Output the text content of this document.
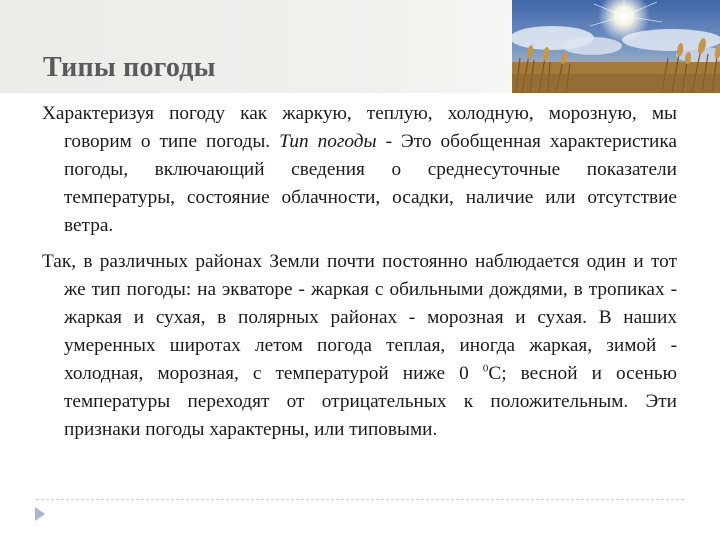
Типы погоды

Характеризуя погоду как жаркую, теплую, холодную, морозную, мы говорим о типе погоды. Тип погоды - Это обобщенная характеристика погоды, включающий сведения о среднесуточные показатели температуры, состояние облачности, осадки, наличие или отсутствие ветра.

Так, в различных районах Земли почти постоянно наблюдается один и тот же тип погоды: на экваторе - жаркая с обильными дождями, в тропиках - жаркая и сухая, в полярных районах - морозная и сухая. В наших умеренных широтах летом погода теплая, иногда жаркая, зимой - холодная, морозная, с температурой ниже 0 $^0$С; весной и осенью температуры переходят от отрицательных к положительным. Эти признаки погоды характерны, или типовыми.
